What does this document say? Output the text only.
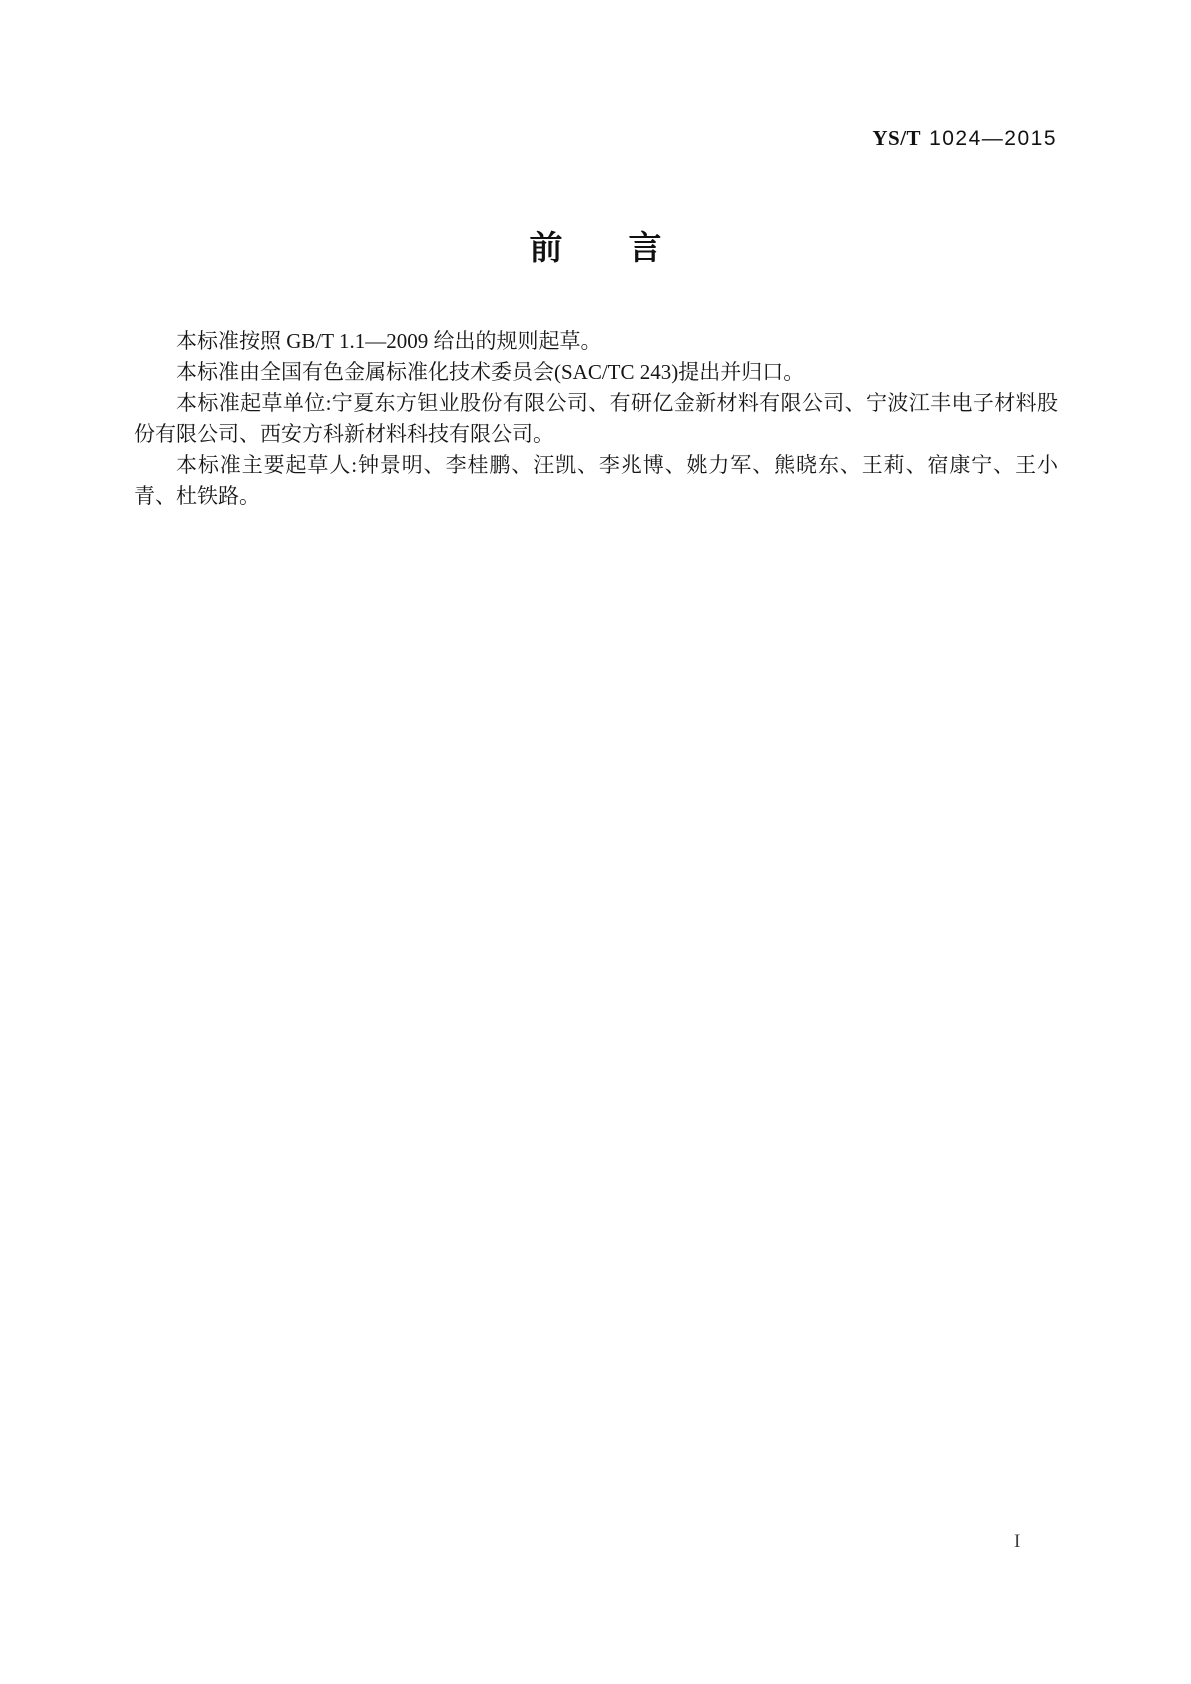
YS/T 1024—2015
前　　言

本标准按照 GB/T 1.1—2009 给出的规则起草。

本标准由全国有色金属标准化技术委员会(SAC/TC 243)提出并归口。

本标准起草单位:宁夏东方钽业股份有限公司、有研亿金新材料有限公司、宁波江丰电子材料股份有限公司、西安方科新材料科技有限公司。

本标准主要起草人:钟景明、李桂鹏、汪凯、李兆博、姚力军、熊晓东、王莉、宿康宁、王小青、杜铁路。

I
